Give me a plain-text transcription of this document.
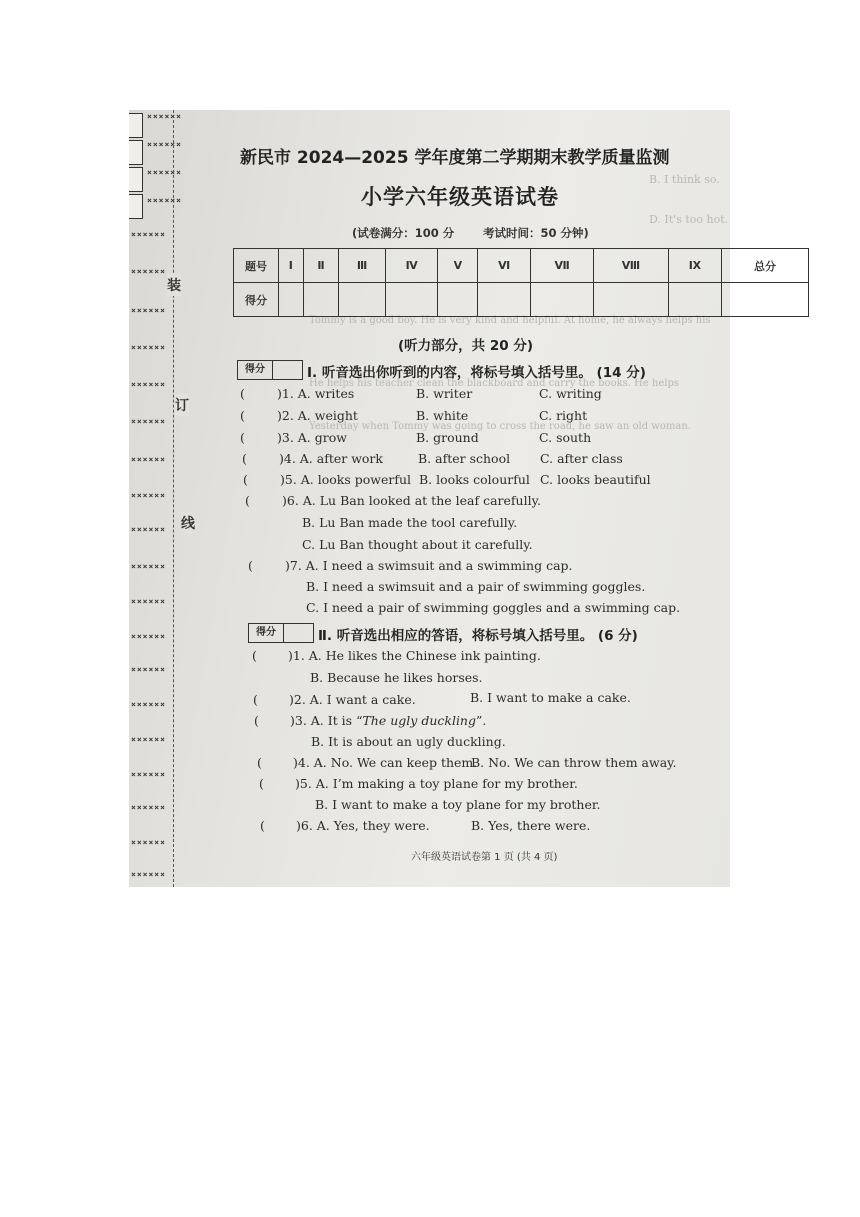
××××××
××××××
××××××
××××××
××××××
××××××
××××××
××××××
××××××
××××××
××××××
××××××
××××××
××××××
××××××
××××××
××××××
××××××
××××××
××××××
××××××
××××××
××××××
装
订
线
B. I think so.
D. It's too hot.
Tommy is a good boy. He is very kind and helpful. At home, he always helps his
He helps his teacher clean the blackboard and carry the books. He helps
Yesterday when Tommy was going to cross the road, he saw an old woman.
新民市 2024—2025 学年度第二学期期末教学质量监测
小学六年级英语试卷
(试卷满分：100 分 考试时间：50 分钟)
题号	Ⅰ	Ⅱ	Ⅲ	Ⅳ	Ⅴ	Ⅵ	Ⅶ	Ⅷ	Ⅸ	总分
得分										
(听力部分，共 20 分)
得分	Ⅰ. 听音选出你听到的内容，将标号填入括号里。 (14 分)
(	)1. A. writes	B. writer	C. writing
(	)2. A. weight	B. white	C. right
(	)3. A. grow	B. ground	C. south
(	)4. A. after work	B. after school C. after class
(	)5. A. looks powerful B. looks colourful C. looks beautiful
(	)6. A. Lu Ban looked at the leaf carefully.
B. Lu Ban made the tool carefully.
C. Lu Ban thought about it carefully.
(	)7. A. I need a swimsuit and a swimming cap.
B. I need a swimsuit and a pair of swimming goggles.
C. I need a pair of swimming goggles and a swimming cap.
得分	Ⅱ. 听音选出相应的答语，将标号填入括号里。 (6 分)
( )1. A. He likes the Chinese ink painting.
B. Because he likes horses.
( )2. A. I want a cake.	B. I want to make a cake.
( )3. A. It is “The ugly duckling”.
B. It is about an ugly duckling.
( )4. A. No. We can keep them.
B. No. We can throw them away.
( )5. A. I’m making a toy plane for my brother.
B. I want to make a toy plane for my brother.
( )6. A. Yes, they were.	B. Yes, there were.
六年级英语试卷第 1 页 (共 4 页)
